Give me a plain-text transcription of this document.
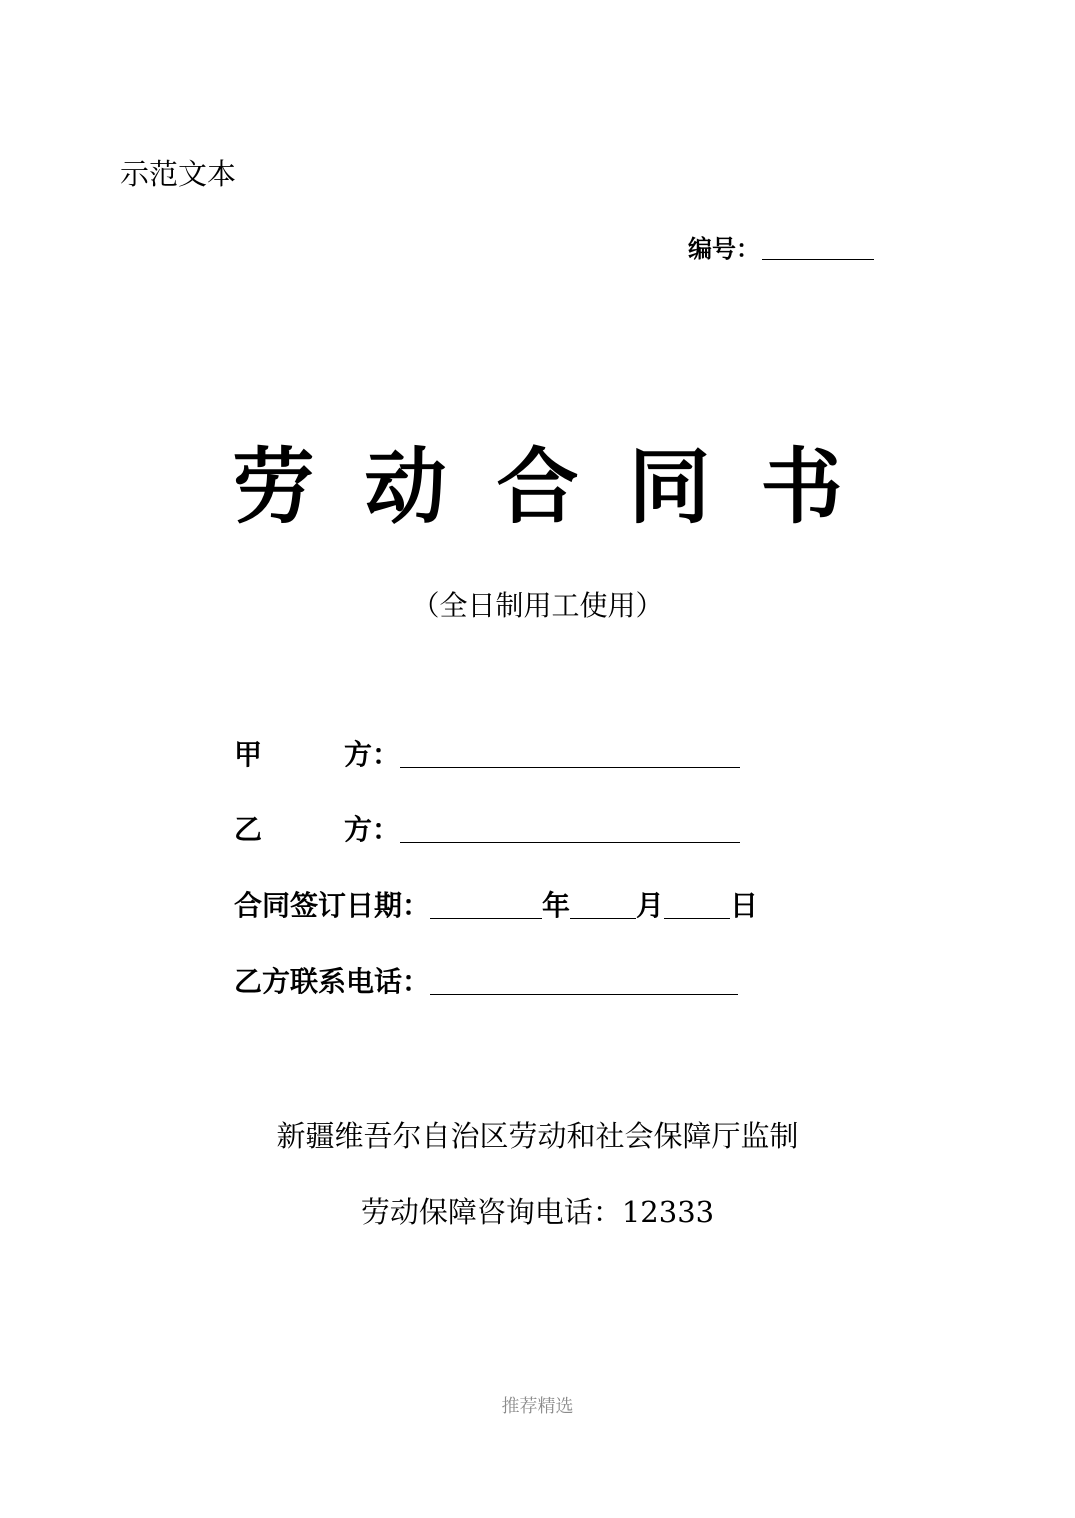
示范文本
编号：
劳动合同书
（全日制用工使用）
甲	方：
乙	方：
合同签订日期：	年 月 日
乙方联系电话：
新疆维吾尔自治区劳动和社会保障厅监制
劳动保障咨询电话：12333
推荐精选
